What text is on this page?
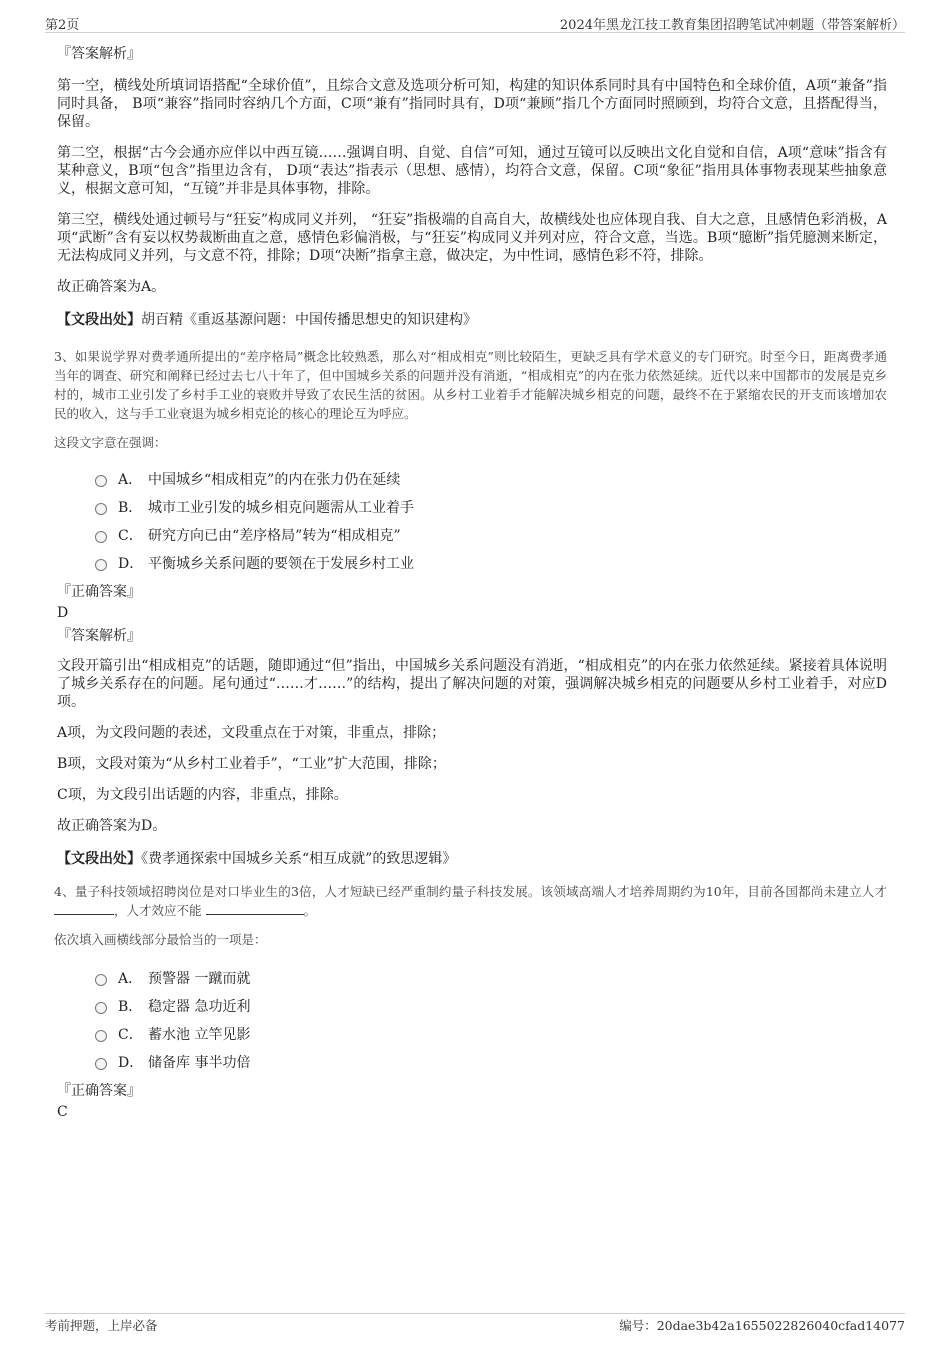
第2页	2024年黑龙江技工教育集团招聘笔试冲刺题（带答案解析）
『答案解析』

第一空，横线处所填词语搭配“全球价值”，且综合文意及选项分析可知，构建的知识体系同时具有中国特色和全球价值，A项“兼备”指同时具备， B项“兼容”指同时容纳几个方面，C项“兼有”指同时具有，D项“兼顾”指几个方面同时照顾到，均符合文意，且搭配得当，保留。

第二空，根据“古今会通亦应伴以中西互镜……强调自明、自觉、自信”可知，通过互镜可以反映出文化自觉和自信，A项“意味”指含有某种意义，B项“包含”指里边含有， D项“表达”指表示（思想、感情），均符合文意，保留。C项“象征”指用具体事物表现某些抽象意义，根据文意可知，“互镜”并非是具体事物，排除。

第三空，横线处通过顿号与“狂妄”构成同义并列， “狂妄”指极端的自高自大，故横线处也应体现自我、自大之意，且感情色彩消极，A项“武断”含有妄以权势裁断曲直之意，感情色彩偏消极，与“狂妄”构成同义并列对应，符合文意，当选。B项“臆断”指凭臆测来断定，无法构成同义并列，与文意不符，排除；D项“决断”指拿主意，做决定，为中性词，感情色彩不符，排除。

故正确答案为A。

【文段出处】胡百精《重返基源问题：中国传播思想史的知识建构》

3、如果说学界对费孝通所提出的“差序格局”概念比较熟悉，那么对“相成相克”则比较陌生，更缺乏具有学术意义的专门研究。时至今日，距离费孝通当年的调查、研究和阐释已经过去七八十年了，但中国城乡关系的问题并没有消逝，“相成相克”的内在张力依然延续。近代以来中国都市的发展是克乡村的，城市工业引发了乡村手工业的衰败并导致了农民生活的贫困。从乡村工业着手才能解决城乡相克的问题，最终不在于紧缩农民的开支而该增加农民的收入，这与手工业衰退为城乡相克论的核心的理论互为呼应。

这段文字意在强调：
A． 中国城乡“相成相克”的内在张力仍在延续
B． 城市工业引发的城乡相克问题需从工业着手
C． 研究方向已由“差序格局”转为“相成相克”
D． 平衡城乡关系问题的要领在于发展乡村工业
『正确答案』
D
『答案解析』

文段开篇引出“相成相克”的话题，随即通过“但”指出，中国城乡关系问题没有消逝，“相成相克”的内在张力依然延续。紧接着具体说明了城乡关系存在的问题。尾句通过“……才……”的结构，提出了解决问题的对策，强调解决城乡相克的问题要从乡村工业着手，对应D项。

A项，为文段问题的表述，文段重点在于对策，非重点，排除；

B项，文段对策为“从乡村工业着手”，“工业”扩大范围，排除；

C项，为文段引出话题的内容，非重点，排除。

故正确答案为D。

【文段出处】《费孝通探索中国城乡关系“相互成就”的致思逻辑》

4、量子科技领域招聘岗位是对口毕业生的3倍，人才短缺已经严重制约量子科技发展。该领域高端人才培养周期约为10年，目前各国都尚未建立人才 ，人才效应不能	。

依次填入画横线部分最恰当的一项是：
A． 预警器 一蹴而就
B． 稳定器 急功近利
C． 蓄水池 立竿见影
D． 储备库 事半功倍
『正确答案』
C
考前押题，上岸必备	编号：20dae3b42a1655022826040cfad14077
